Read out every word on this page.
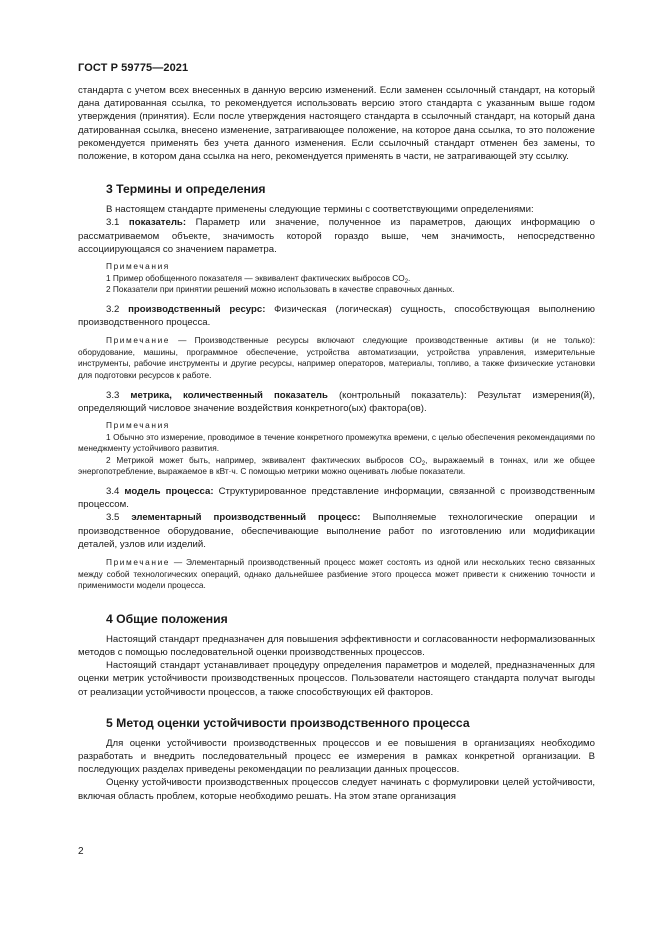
ГОСТ Р 59775—2021

стандарта с учетом всех внесенных в данную версию изменений. Если заменен ссылочный стандарт, на который дана датированная ссылка, то рекомендуется использовать версию этого стандарта с указанным выше годом утверждения (принятия). Если после утверждения настоящего стандарта в ссылочный стандарт, на который дана датированная ссылка, внесено изменение, затрагивающее положение, на которое дана ссылка, то это положение рекомендуется применять без учета данного изменения. Если ссылочный стандарт отменен без замены, то положение, в котором дана ссылка на него, рекомендуется применять в части, не затрагивающей эту ссылку.

3 Термины и определения

В настоящем стандарте применены следующие термины с соответствующими определениями:

3.1 показатель: Параметр или значение, полученное из параметров, дающих информацию о рассматриваемом объекте, значимость которой гораздо выше, чем значимость, непосредственно ассоциирующаяся со значением параметра.

Примечания

1 Пример обобщенного показателя — эквивалент фактических выбросов $CO_2$.

2 Показатели при принятии решений можно использовать в качестве справочных данных.

3.2 производственный ресурс: Физическая (логическая) сущность, способствующая выполнению производственного процесса.

Примечание — Производственные ресурсы включают следующие производственные активы (и не только): оборудование, машины, программное обеспечение, устройства автоматизации, устройства управления, измерительные инструменты, рабочие инструменты и другие ресурсы, например операторов, материалы, топливо, а также физические установки для подготовки ресурсов к работе.

3.3 метрика, количественный показатель (контрольный показатель): Результат измерения(й), определяющий числовое значение воздействия конкретного(ых) фактора(ов).

Примечания

1 Обычно это измерение, проводимое в течение конкретного промежутка времени, с целью обеспечения рекомендациями по менеджменту устойчивого развития.

2 Метрикой может быть, например, эквивалент фактических выбросов $CO_2$, выражаемый в тоннах, или же общее энергопотребление, выражаемое в кВт·ч. С помощью метрики можно оценивать любые показатели.

3.4 модель процесса: Структурированное представление информации, связанной с производственным процессом.

3.5 элементарный производственный процесс: Выполняемые технологические операции и производственное оборудование, обеспечивающие выполнение работ по изготовлению или модификации деталей, узлов или изделий.

Примечание — Элементарный производственный процесс может состоять из одной или нескольких тесно связанных между собой технологических операций, однако дальнейшее разбиение этого процесса может привести к снижению точности и применимости модели процесса.

4 Общие положения

Настоящий стандарт предназначен для повышения эффективности и согласованности неформализованных методов с помощью последовательной оценки производственных процессов.

Настоящий стандарт устанавливает процедуру определения параметров и моделей, предназначенных для оценки метрик устойчивости производственных процессов. Пользователи настоящего стандарта получат выгоды от реализации устойчивости процессов, а также способствующих ей факторов.

5 Метод оценки устойчивости производственного процесса

Для оценки устойчивости производственных процессов и ее повышения в организациях необходимо разработать и внедрить последовательный процесс ее измерения в рамках конкретной организации. В последующих разделах приведены рекомендации по реализации данных процессов.

Оценку устойчивости производственных процессов следует начинать с формулировки целей устойчивости, включая область проблем, которые необходимо решать. На этом этапе организация

2
